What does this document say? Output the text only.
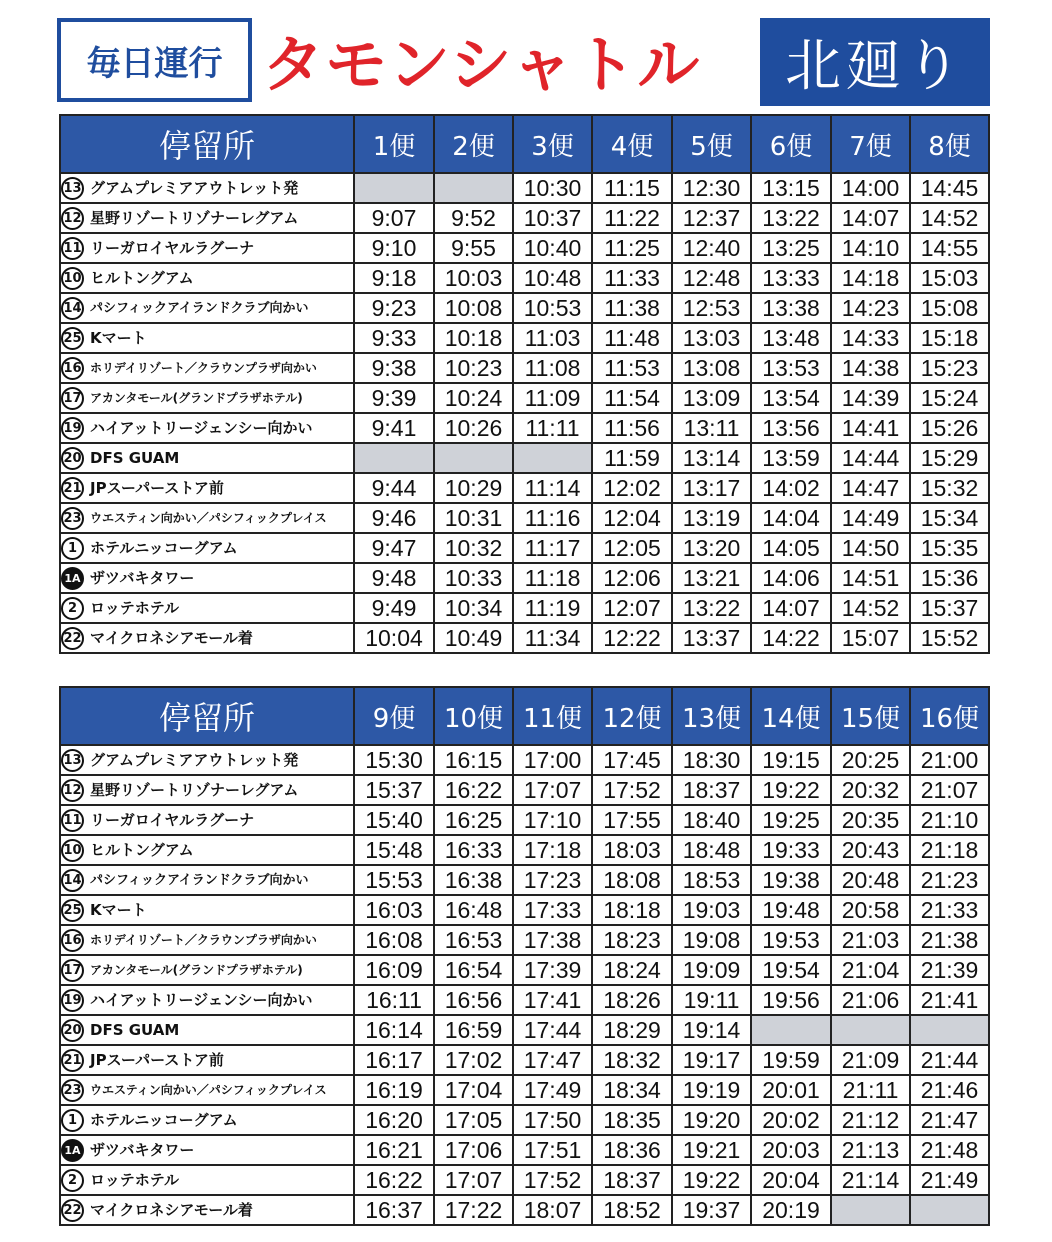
毎日運行 タモンシャトル	北廻り
停留所	1便	2便	3便	4便	5便	6便	7便	8便
13 グアムプレミアアウトレット発			10:30	11:15	12:30	13:15	14:00	14:45
12 星野リゾートリゾナーレグアム	9:07	9:52	10:37	11:22	12:37	13:22	14:07	14:52
11 リーガロイヤルラグーナ	9:10	9:55	10:40	11:25	12:40	13:25	14:10	14:55
10 ヒルトングアム	9:18	10:03	10:48	11:33	12:48	13:33	14:18	15:03
14 パシフィックアイランドクラブ向かい	9:23	10:08	10:53	11:38	12:53	13:38	14:23	15:08
25 Kマート	9:33	10:18	11:03	11:48	13:03	13:48	14:33	15:18
16 ホリデイリゾート／クラウンプラザ向かい	9:38	10:23	11:08	11:53	13:08	13:53	14:38	15:23
17 アカンタモール(グランドプラザホテル)	9:39	10:24	11:09	11:54	13:09	13:54	14:39	15:24
19 ハイアットリージェンシー向かい	9:41	10:26	11:11	11:56	13:11	13:56	14:41	15:26
20 DFS GUAM				11:59	13:14	13:59	14:44	15:29
21 JPスーパーストア前	9:44	10:29	11:14	12:02	13:17	14:02	14:47	15:32
23 ウエスティン向かい／パシフィックプレイス	9:46	10:31	11:16	12:04	13:19	14:04	14:49	15:34
1 ホテルニッコーグアム	9:47	10:32	11:17	12:05	13:20	14:05	14:50	15:35
1A ザツバキタワー	9:48	10:33	11:18	12:06	13:21	14:06	14:51	15:36
2 ロッテホテル	9:49	10:34	11:19	12:07	13:22	14:07	14:52	15:37
22 マイクロネシアモール着	10:04	10:49	11:34	12:22	13:37	14:22	15:07	15:52
停留所	9便	10便	11便	12便	13便	14便	15便	16便
13 グアムプレミアアウトレット発	15:30	16:15	17:00	17:45	18:30	19:15	20:25	21:00
12 星野リゾートリゾナーレグアム	15:37	16:22	17:07	17:52	18:37	19:22	20:32	21:07
11 リーガロイヤルラグーナ	15:40	16:25	17:10	17:55	18:40	19:25	20:35	21:10
10 ヒルトングアム	15:48	16:33	17:18	18:03	18:48	19:33	20:43	21:18
14 パシフィックアイランドクラブ向かい	15:53	16:38	17:23	18:08	18:53	19:38	20:48	21:23
25 Kマート	16:03	16:48	17:33	18:18	19:03	19:48	20:58	21:33
16 ホリデイリゾート／クラウンプラザ向かい	16:08	16:53	17:38	18:23	19:08	19:53	21:03	21:38
17 アカンタモール(グランドプラザホテル)	16:09	16:54	17:39	18:24	19:09	19:54	21:04	21:39
19 ハイアットリージェンシー向かい	16:11	16:56	17:41	18:26	19:11	19:56	21:06	21:41
20 DFS GUAM	16:14	16:59	17:44	18:29	19:14			
21 JPスーパーストア前	16:17	17:02	17:47	18:32	19:17	19:59	21:09	21:44
23 ウエスティン向かい／パシフィックプレイス	16:19	17:04	17:49	18:34	19:19	20:01	21:11	21:46
1 ホテルニッコーグアム	16:20	17:05	17:50	18:35	19:20	20:02	21:12	21:47
1A ザツバキタワー	16:21	17:06	17:51	18:36	19:21	20:03	21:13	21:48
2 ロッテホテル	16:22	17:07	17:52	18:37	19:22	20:04	21:14	21:49
22 マイクロネシアモール着	16:37	17:22	18:07	18:52	19:37	20:19		
